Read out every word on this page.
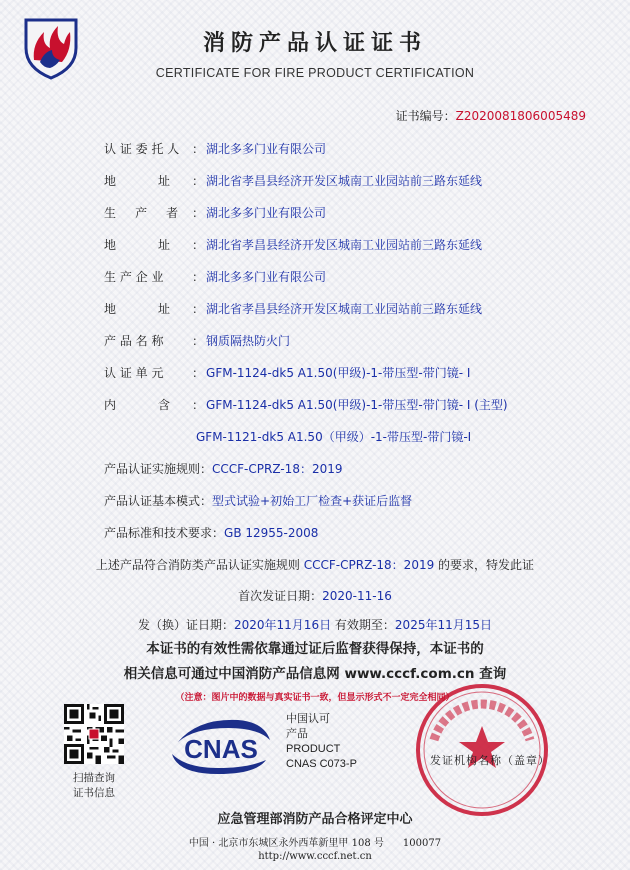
消防产品认证证书
CERTIFICATE FOR FIRE PRODUCT CERTIFICATION
证书编号：Z2020081806005489
认 证 委 托 人 ： 湖北多多门业有限公司
地           址 ： 湖北省孝昌县经济开发区城南工业园站前三路东延线
生     产     者 ： 湖北多多门业有限公司
地           址 ： 湖北省孝昌县经济开发区城南工业园站前三路东延线
生 产 企 业 ： 湖北多多门业有限公司
地           址 ： 湖北省孝昌县经济开发区城南工业园站前三路东延线
产 品 名 称 ： 钢质隔热防火门
认 证 单 元 ： GFM-1124-dk5 A1.50(甲级)-1-带压型-带门镜- I
内           含 ： GFM-1124-dk5 A1.50(甲级)-1-带压型-带门镜- I (主型)
GFM-1121-dk5 A1.50（甲级）-1-带压型-带门镜-I
产品认证实施规则：CCCF-CPRZ-18：2019
产品认证基本模式：型式试验+初始工厂检查+获证后监督
产品标准和技术要求：GB 12955-2008
上述产品符合消防类产品认证实施规则 CCCF-CPRZ-18：2019 的要求，特发此证
首次发证日期：2020-11-16
发（换）证日期：2020年11月16日 有效期至：2025年11月15日
本证书的有效性需依靠通过证后监督获得保持，本证书的
相关信息可通过中国消防产品信息网 www.cccf.com.cn 查询
（注意：图片中的数据与真实证书一致，但显示形式不一定完全相同）
扫描查询
证书信息
CNAS
中国认可
产品
PRODUCT
CNAS C073-P	发证机构名称（盖章）
应急管理部消防产品合格评定中心
中国 · 北京市东城区永外西革新里甲 108 号      100077
http://www.cccf.net.cn
